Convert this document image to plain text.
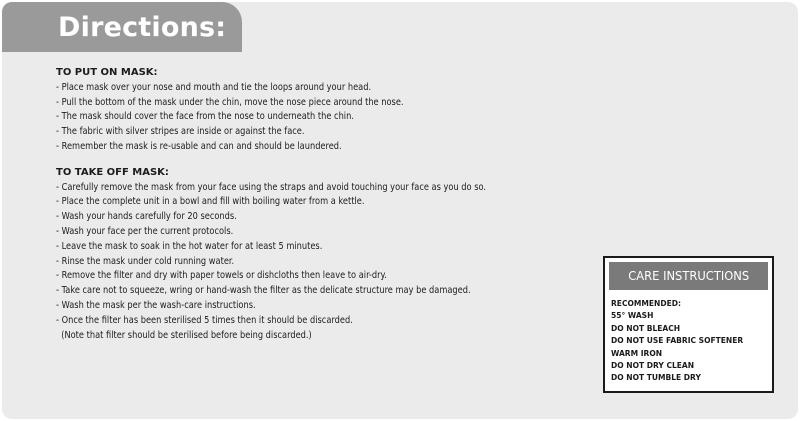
Directions:

TO PUT ON MASK:

- Place mask over your nose and mouth and tie the loops around your head.
- Pull the bottom of the mask under the chin, move the nose piece around the nose.
- The mask should cover the face from the nose to underneath the chin.
- The fabric with silver stripes are inside or against the face.
- Remember the mask is re-usable and can and should be laundered.

TO TAKE OFF MASK:

- Carefully remove the mask from your face using the straps and avoid touching your face as you do so.
- Place the complete unit in a bowl and fill with boiling water from a kettle.
- Wash your hands carefully for 20 seconds.
- Wash your face per the current protocols.
- Leave the mask to soak in the hot water for at least 5 minutes.
- Rinse the mask under cold running water.
- Remove the filter and dry with paper towels or dishcloths then leave to air-dry.
- Take care not to squeeze, wring or hand-wash the filter as the delicate structure may be damaged.
- Wash the mask per the wash-care instructions.
- Once the filter has been sterilised 5 times then it should be discarded.
(Note that filter should be sterilised before being discarded.)
CARE INSTRUCTIONS
RECOMMENDED:
55° WASH
DO NOT BLEACH
DO NOT USE FABRIC SOFTENER
WARM IRON
DO NOT DRY CLEAN
DO NOT TUMBLE DRY
